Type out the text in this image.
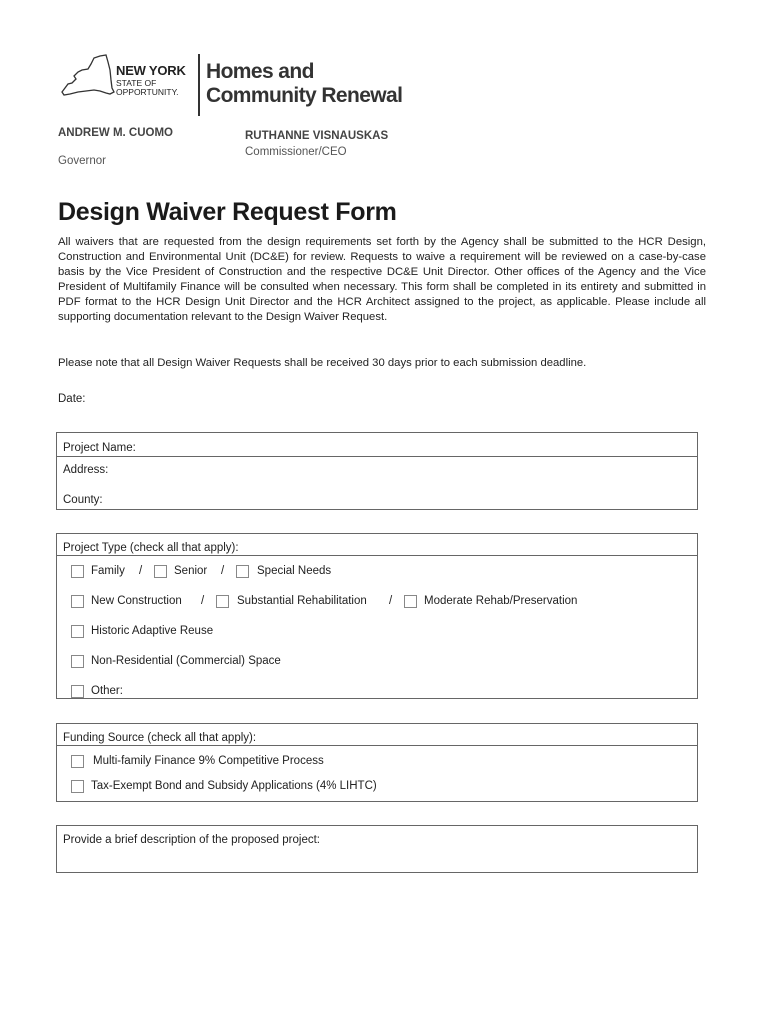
NEW YORK
STATE OF
OPPORTUNITY.
Homes and
Community Renewal
ANDREW M. CUOMO
Governor
RUTHANNE VISNAUSKAS
Commissioner/CEO
Design Waiver Request Form

All waivers that are requested from the design requirements set forth by the Agency shall be submitted to the HCR Design, Construction and Environmental Unit (DC&E) for review. Requests to waive a requirement will be reviewed on a case-by-case basis by the Vice President of Construction and the respective DC&E Unit Director. Other offices of the Agency and the Vice President of Multifamily Finance will be consulted when necessary. This form shall be completed in its entirety and submitted in PDF format to the HCR Design Unit Director and the HCR Architect assigned to the project, as applicable. Please include all supporting documentation relevant to the Design Waiver Request.

Please note that all Design Waiver Requests shall be received 30 days prior to each submission deadline.

Date:
Project Name:
Address:
County:
Project Type (check all that apply):
Family /	Senior /	Special Needs
New Construction /	Substantial Rehabilitation /	Moderate Rehab/Preservation
Historic Adaptive Reuse
Non-Residential (Commercial) Space
Other:
Funding Source (check all that apply):
Multi-family Finance 9% Competitive Process
Tax-Exempt Bond and Subsidy Applications (4% LIHTC)
Provide a brief description of the proposed project:
